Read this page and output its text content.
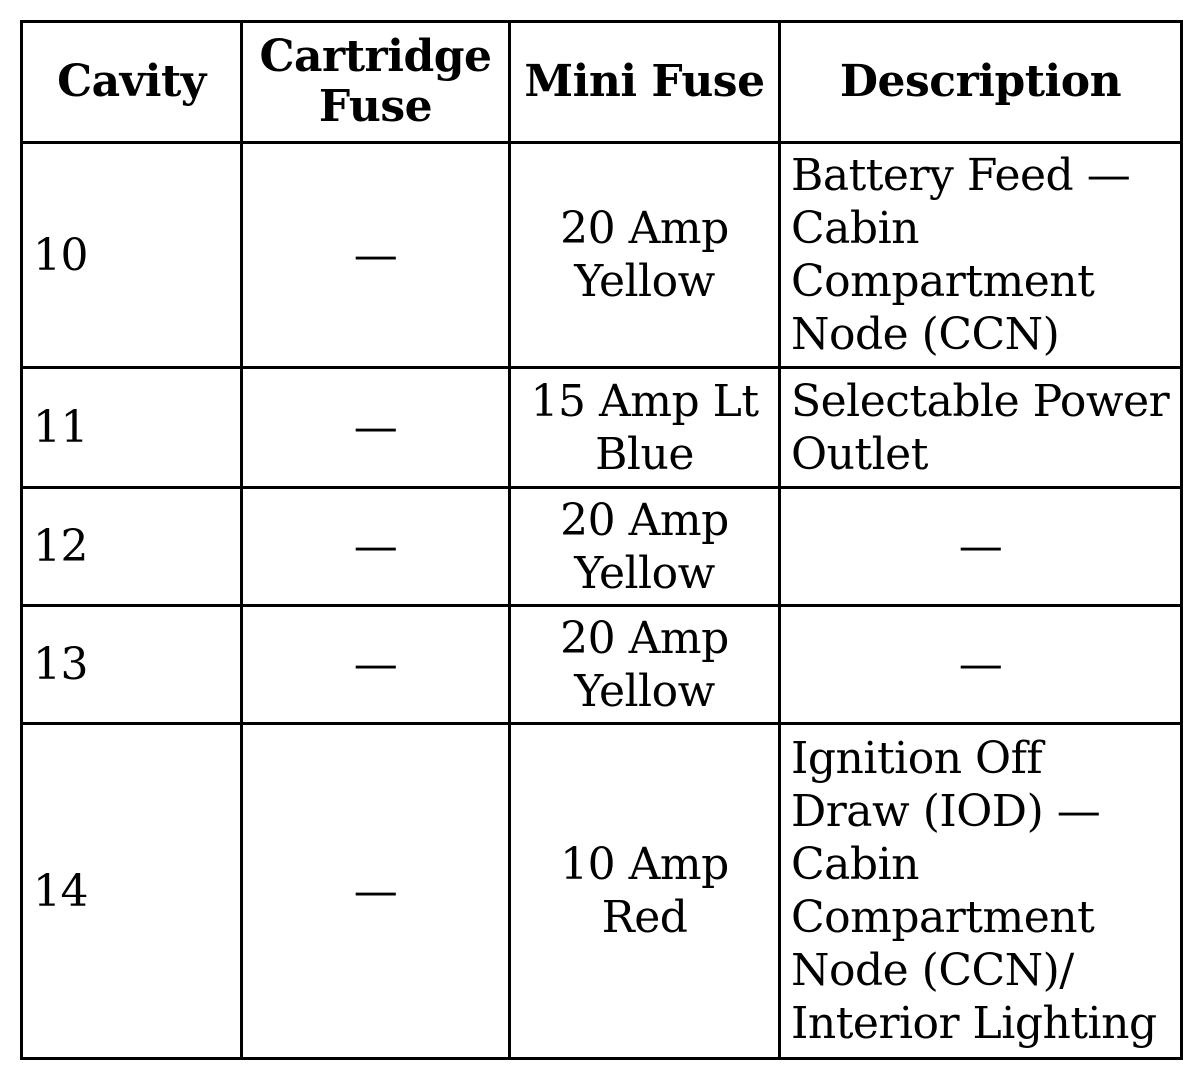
Cavity	Cartridge Fuse	Mini Fuse	Description
10	—	20 Amp Yellow	Battery Feed — Cabin Compartment Node (CCN)
11	—	15 Amp Lt Blue	Selectable Power Outlet
12	—	20 Amp Yellow	—
13	—	20 Amp Yellow	—
14	—	10 Amp Red	Ignition Off Draw (IOD) — Cabin Compartment Node (CCN)/ Interior Lighting
